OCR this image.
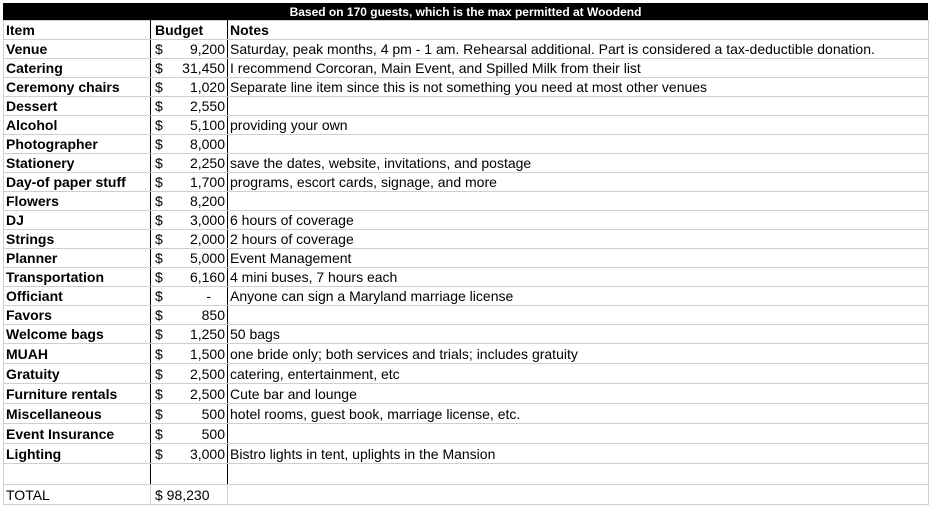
Based on 170 guests, which is the max permitted at Woodend
Item	Budget	Notes
Venue	$ 9,200	Saturday, peak months, 4 pm - 1 am. Rehearsal additional. Part is considered a tax-deductible donation.
Catering	$ 31,450	I recommend Corcoran, Main Event, and Spilled Milk from their list
Ceremony chairs	$ 1,020	Separate line item since this is not something you need at most other venues
Dessert	$ 2,550	

Alcohol	$ 5,100	providing your own
Photographer	$ 8,000	

Stationery	$ 2,250	save the dates, website, invitations, and postage
Day-of paper stuff	$ 1,700	programs, escort cards, signage, and more
Flowers	$ 8,200	

DJ	$ 3,000	6 hours of coverage
Strings	$ 2,000	2 hours of coverage
Planner	$ 5,000	Event Management
Transportation	$ 6,160	4 mini buses, 7 hours each
Officiant	$ -	Anyone can sign a Maryland marriage license
Favors	$ 850	

Welcome bags	$ 1,250	50 bags
MUAH	$ 1,500	one bride only; both services and trials; includes gratuity
Gratuity	$ 2,500	catering, entertainment, etc
Furniture rentals	$ 2,500	Cute bar and lounge
Miscellaneous	$ 500	hotel rooms, guest book, marriage license, etc.
Event Insurance	$ 500	

Lighting	$ 3,000	Bistro lights in tent, uplights in the Mansion

TOTAL	$ 98,230	
